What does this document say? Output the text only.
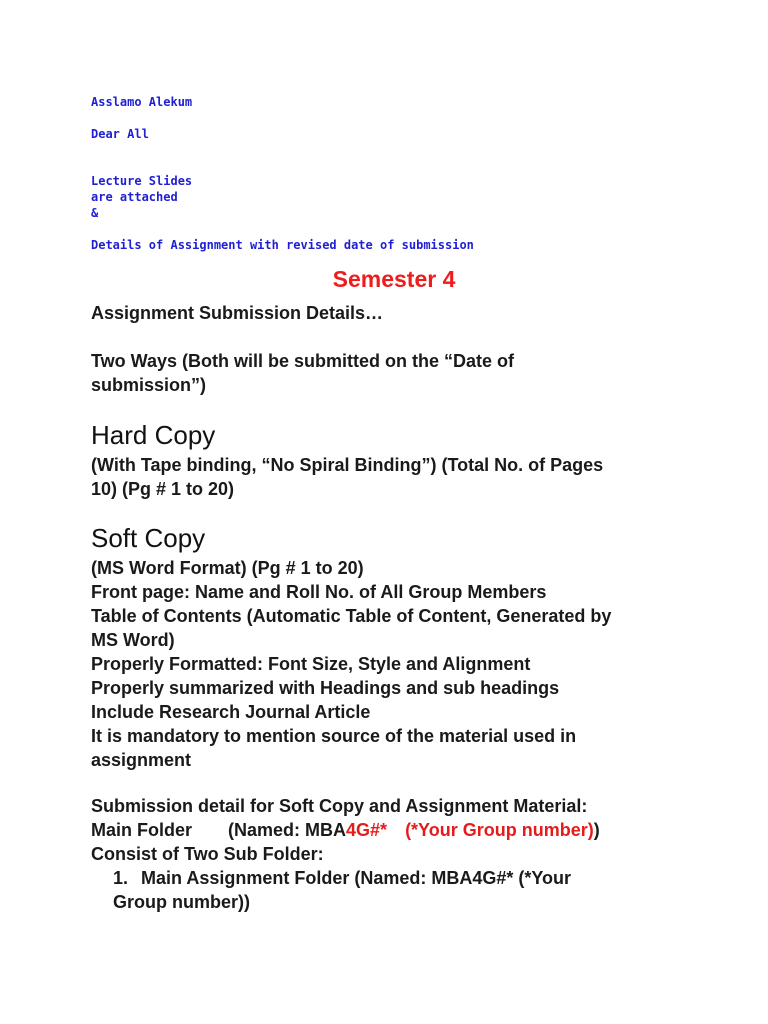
Asslamo Alekum

Dear All

Lecture Slides

are attached

&

Details of Assignment with revised date of submission

Semester 4

Assignment Submission Details…

Two Ways (Both will be submitted on the “Date of
submission”)

Hard Copy

(With Tape binding, “No Spiral Binding”) (Total No. of Pages
10) (Pg # 1 to 20)

Soft Copy

(MS Word Format) (Pg # 1 to 20)
Front page: Name and Roll No. of All Group Members
Table of Contents (Automatic Table of Content, Generated by
MS Word)
Properly Formatted: Font Size, Style and Alignment
Properly summarized with Headings and sub headings
Include Research Journal Article
It is mandatory to mention source of the material used in
assignment

Submission detail for Soft Copy and Assignment Material:
Main Folder (Named: MBA4G#* (*Your Group number))
Consist of Two Sub Folder:

1. Main Assignment Folder (Named: MBA4G#* (*Your
Group number))
